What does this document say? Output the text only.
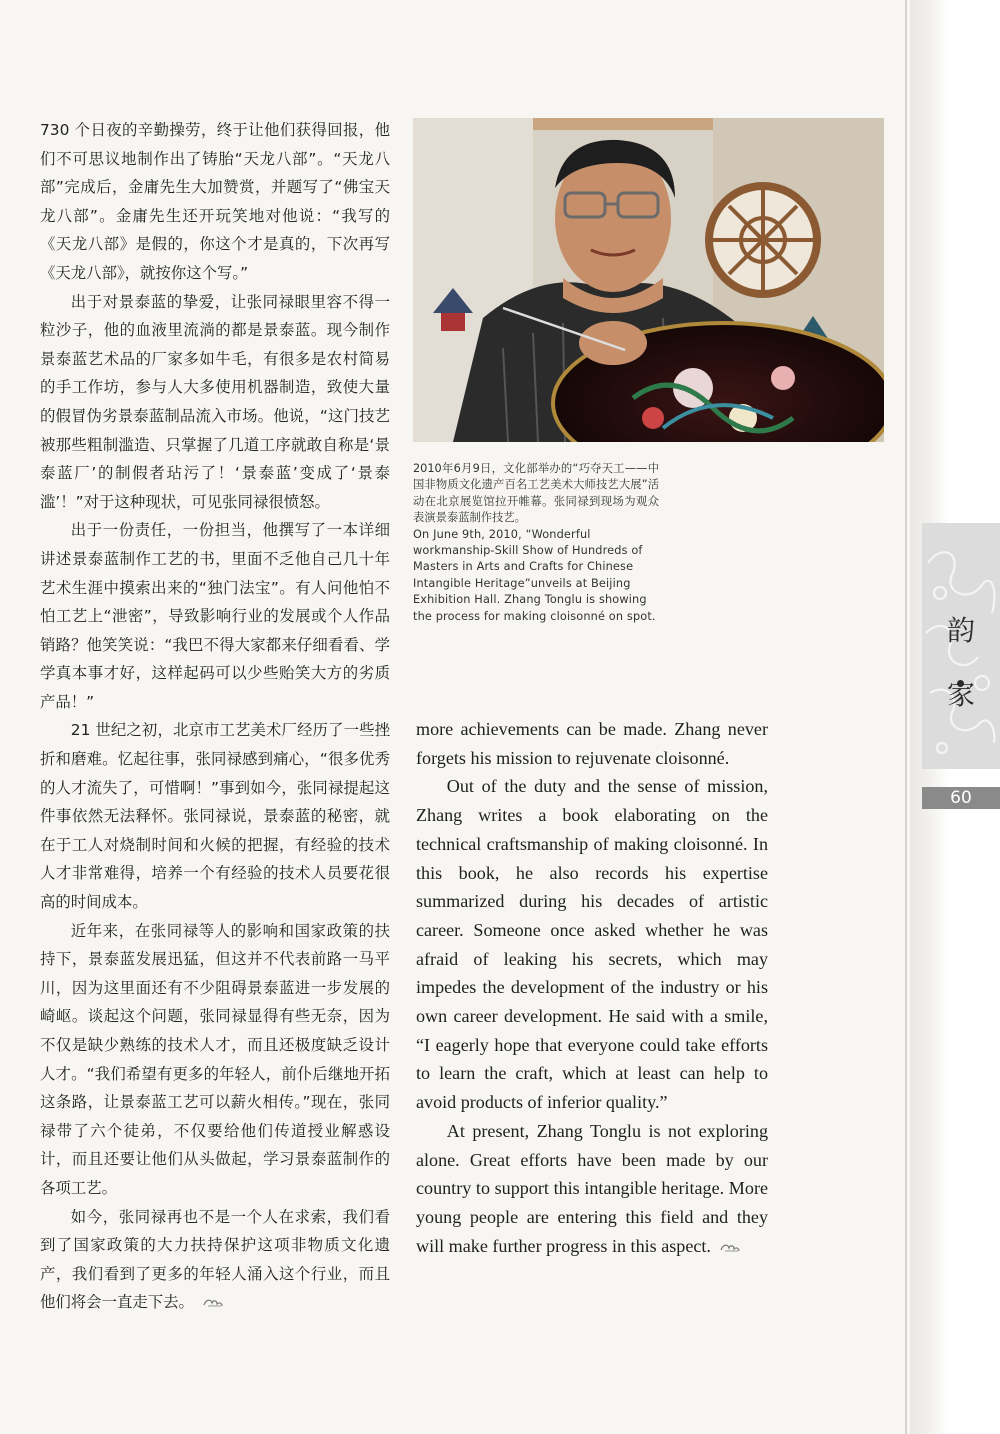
730 个日夜的辛勤操劳，终于让他们获得回报，他们不可思议地制作出了铸胎“天龙八部”。“天龙八部”完成后，金庸先生大加赞赏，并题写了“佛宝天龙八部”。金庸先生还开玩笑地对他说：“我写的《天龙八部》是假的，你这个才是真的，下次再写《天龙八部》，就按你这个写。”

出于对景泰蓝的挚爱，让张同禄眼里容不得一粒沙子，他的血液里流淌的都是景泰蓝。现今制作景泰蓝艺术品的厂家多如牛毛，有很多是农村简易的手工作坊，参与人大多使用机器制造，致使大量的假冒伪劣景泰蓝制品流入市场。他说，“这门技艺被那些粗制滥造、只掌握了几道工序就敢自称是‘景泰蓝厂’的制假者玷污了！‘景泰蓝’变成了‘景泰滥’！”对于这种现状，可见张同禄很愤怒。

出于一份责任，一份担当，他撰写了一本详细讲述景泰蓝制作工艺的书，里面不乏他自己几十年艺术生涯中摸索出来的“独门法宝”。有人问他怕不怕工艺上“泄密”，导致影响行业的发展或个人作品销路？他笑笑说：“我巴不得大家都来仔细看看、学学真本事才好，这样起码可以少些贻笑大方的劣质产品！”

21 世纪之初，北京市工艺美术厂经历了一些挫折和磨难。忆起往事，张同禄感到痛心，“很多优秀的人才流失了，可惜啊！”事到如今，张同禄提起这件事依然无法释怀。张同禄说，景泰蓝的秘密，就在于工人对烧制时间和火候的把握，有经验的技术人才非常难得，培养一个有经验的技术人员要花很高的时间成本。

近年来，在张同禄等人的影响和国家政策的扶持下，景泰蓝发展迅猛，但这并不代表前路一马平川，因为这里面还有不少阻碍景泰蓝进一步发展的崎岖。谈起这个问题，张同禄显得有些无奈，因为不仅是缺少熟练的技术人才，而且还极度缺乏设计人才。“我们希望有更多的年轻人，前仆后继地开拓这条路，让景泰蓝工艺可以薪火相传。”现在，张同禄带了六个徒弟，不仅要给他们传道授业解惑设计，而且还要让他们从头做起，学习景泰蓝制作的各项工艺。

如今，张同禄再也不是一个人在求索，我们看到了国家政策的大力扶持保护这项非物质文化遗产，我们看到了更多的年轻人涌入这个行业，而且他们将会一直走下去。

2010年6月9日，文化部举办的“巧夺天工——中国非物质文化遗产百名工艺美术大师技艺大展”活动在北京展览馆拉开帷幕。张同禄到现场为观众表演景泰蓝制作技艺。

On June 9th, 2010, “Wonderful workmanship-Skill Show of Hundreds of Masters in Arts and Crafts for Chinese Intangible Heritage”unveils at Beijing Exhibition Hall. Zhang Tonglu is showing the process for making cloisonné on spot.

more achievements can be made. Zhang never forgets his mission to rejuvenate cloisonné.

Out of the duty and the sense of mission, Zhang writes a book elaborating on the technical craftsmanship of making cloisonné. In this book, he also records his expertise summarized during his decades of artistic career. Someone once asked whether he was afraid of leaking his secrets, which may impedes the development of the industry or his own career development. He said with a smile, “I eagerly hope that everyone could take efforts to learn the craft, which at least can help to avoid products of inferior quality.”

At present, Zhang Tonglu is not exploring alone. Great efforts have been made by our country to support this intangible heritage. More young people are entering this field and they will make further progress in this aspect.

韵
家
60
